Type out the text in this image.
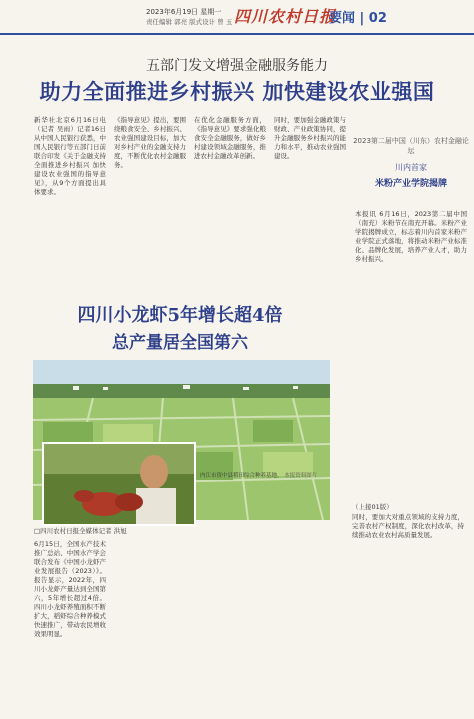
2023年6月19日 星期一
责任编辑 郭亮 版式设计 曾 玉 四川农村日报
要闻 | 02
五部门发文增强金融服务能力
助力全面推进乡村振兴 加快建设农业强国
新华社北京6月16日电（记者 吴雨）记者16日从中国人民银行获悉，中国人民银行等五部门日前联合印发《关于金融支持全面推进乡村振兴 加快建设农业强国的指导意见》，从9个方面提出具体要求。
《指导意见》提出，要围绕粮食安全、乡村振兴、农业强国建设目标，加大对乡村产业的金融支持力度，不断优化农村金融服务。
在优化金融服务方面，《指导意见》要求强化粮食安全金融服务，做好乡村建设领域金融服务，推进农村金融改革创新。
同时，要加强金融政策与财政、产业政策协同，提升金融服务乡村振兴的能力和水平，推动农业强国建设。
2023第二届中国（川东）农村金融论坛
川内首家
米粉产业学院揭牌
本报讯 6月16日，2023第二届中国（南充）米粉节在南充开幕。米粉产业学院揭牌成立，标志着川内首家米粉产业学院正式落地，将推动米粉产业标准化、品牌化发展，培养产业人才，助力乡村振兴。
四川小龙虾5年增长超4倍
总产量居全国第六
内江市资中县稻田综合种养基地。 本报资料图片
□四川农村日报全媒体记者 洪旭
6月15日，全国水产技术推广总站、中国水产学会联合发布《中国小龙虾产业发展报告（2023）》。报告显示，2022年，四川小龙虾产量达到全国第六，5年增长超过4倍。四川小龙虾养殖面积不断扩大，稻虾综合种养模式快速推广，带动农民增收效果明显。
（上接01版）
同时，要加大对重点领域的支持力度，完善农村产权制度，深化农村改革，持续推动农业农村高质量发展。
